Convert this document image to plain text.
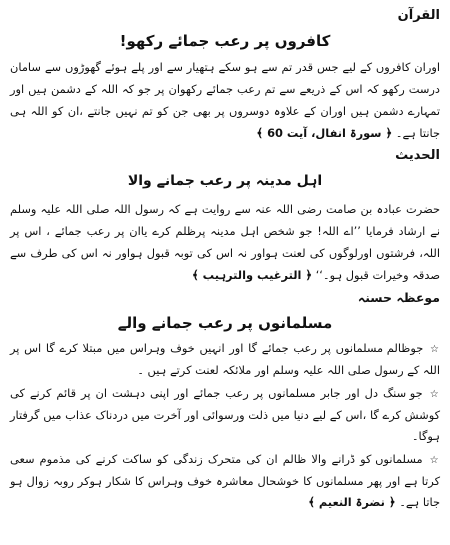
القرآن
کافروں پر رعب جمائے رکھو!

اوران کافروں کے لیے جس قدر تم سے ہو سکے ہتھیار سے اور پلے ہوئے گھوڑوں سے سامان درست رکھو کہ اس کے ذریعے سے تم رعب جمائے رکھوان پر جو کہ اللہ کے دشمن ہیں اور تمہارے دشمن ہیں اوران کے علاوہ دوسروں پر بھی جن کو تم نہیں جانتے ،ان کو اللہ ہی جانتا ہے۔ ﴿ سورۃ انفال، آیت 60 ﴾

الحدیث
اہل مدینہ پر رعب جمانے والا

حضرت عبادہ بن صامت رضی اللہ عنہ سے روایت ہے کہ رسول اللہ صلی اللہ علیہ وسلم نے ارشاد فرمایا ’’اے اللہ! جو شخص اہل مدینہ پرظلم کرے یاان پر رعب جمائے ، اس پر اللہ، فرشتوں اورلوگوں کی لعنت ہواور نہ اس کی توبہ قبول ہواور نہ اس کی طرف سے صدقہ وخیرات قبول ہو۔‘‘ ﴿ الترغیب والترہیب ﴾

موعظہ حسنہ
مسلمانوں پر رعب جمانے والے

☆ جوظالم مسلمانوں پر رعب جمائے گا اور انہیں خوف وہراس میں مبتلا کرے گا اس پر اللہ کے رسول صلی اللہ علیہ وسلم اور ملائکہ لعنت کرتے ہیں ۔

☆ جو سنگ دل اور جابر مسلمانوں پر رعب جمائے اور اپنی دہشت ان پر قائم کرنے کی کوشش کرے گا ،اس کے لیے دنیا میں ذلت ورسوائی اور آخرت میں دردناک عذاب میں گرفتار ہوگا۔

☆ مسلمانوں کو ڈرانے والا ظالم ان کی متحرک زندگی کو ساکت کرنے کی مذموم سعی کرتا ہے اور پھر مسلمانوں کا خوشحال معاشرہ خوف وہراس کا شکار ہوکر روبہ زوال ہو جاتا ہے۔ ﴿ نضرۃ النعیم ﴾
